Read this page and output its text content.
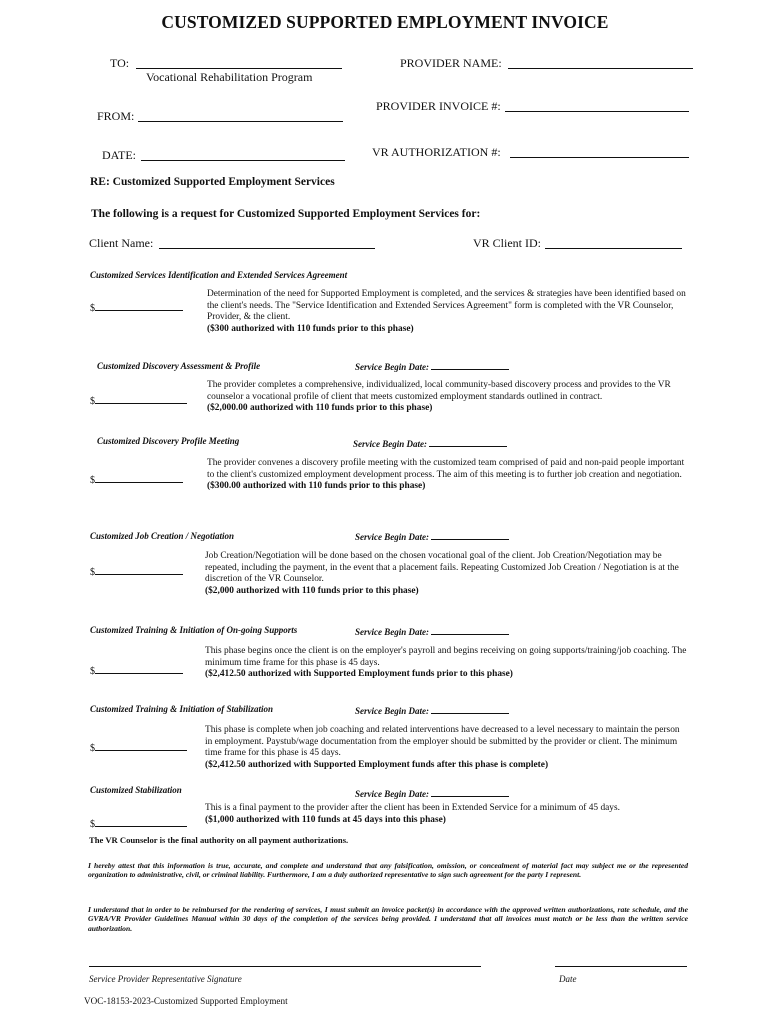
CUSTOMIZED SUPPORTED EMPLOYMENT INVOICE
TO:
Vocational Rehabilitation Program
FROM:
DATE:
PROVIDER NAME:
PROVIDER INVOICE #:
VR AUTHORIZATION #:
RE: Customized Supported Employment Services
The following is a request for Customized Supported Employment Services for:
Client Name:	VR Client ID:
Customized Services Identification and Extended Services Agreement
$
Determination of the need for Supported Employment is completed, and the services & strategies have been identified based on the client's needs. The "Service Identification and Extended Services Agreement" form is completed with the VR Counselor, Provider, & the client.
($300 authorized with 110 funds prior to this phase)
Customized Discovery Assessment & Profile	Service Begin Date:
$
The provider completes a comprehensive, individualized, local community-based discovery process and provides to the VR counselor a vocational profile of client that meets customized employment standards outlined in contract.
($2,000.00 authorized with 110 funds prior to this phase)
Customized Discovery Profile Meeting	Service Begin Date:
$
The provider convenes a discovery profile meeting with the customized team comprised of paid and non-paid people important to the client's customized employment development process. The aim of this meeting is to further job creation and negotiation.
($300.00 authorized with 110 funds prior to this phase)
Customized Job Creation / Negotiation	Service Begin Date:
$
Job Creation/Negotiation will be done based on the chosen vocational goal of the client. Job Creation/Negotiation may be repeated, including the payment, in the event that a placement fails. Repeating Customized Job Creation / Negotiation is at the discretion of the VR Counselor.
($2,000 authorized with 110 funds prior to this phase)
Customized Training & Initiation of On-going Supports	Service Begin Date:
$
This phase begins once the client is on the employer's payroll and begins receiving on going supports/training/job coaching. The minimum time frame for this phase is 45 days.
($2,412.50 authorized with Supported Employment funds prior to this phase)
Customized Training & Initiation of Stabilization	Service Begin Date:
$
This phase is complete when job coaching and related interventions have decreased to a level necessary to maintain the person in employment. Paystub/wage documentation from the employer should be submitted by the provider or client. The minimum time frame for this phase is 45 days.
($2,412.50 authorized with Supported Employment funds after this phase is complete)
Customized Stabilization	Service Begin Date:
$
This is a final payment to the provider after the client has been in Extended Service for a minimum of 45 days.
($1,000 authorized with 110 funds at 45 days into this phase)
The VR Counselor is the final authority on all payment authorizations.
I hereby attest that this information is true, accurate, and complete and understand that any falsification, omission, or concealment of material fact may subject me or the represented organization to administrative, civil, or criminal liability. Furthermore, I am a duly authorized representative to sign such agreement for the party I represent.
I understand that in order to be reimbursed for the rendering of services, I must submit an invoice packet(s) in accordance with the approved written authorizations, rate schedule, and the GVRA/VR Provider Guidelines Manual within 30 days of the completion of the services being provided. I understand that all invoices must match or be less than the written service authorization.
Service Provider Representative Signature	Date
VOC-18153-2023-Customized Supported Employment
